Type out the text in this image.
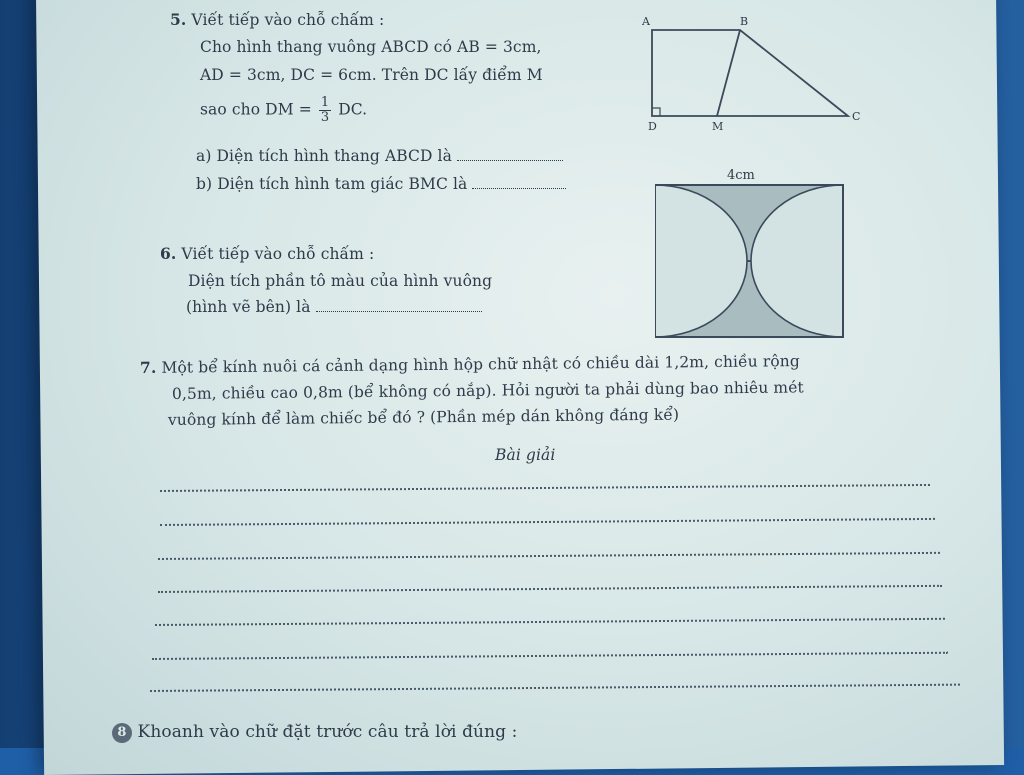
5. Viết tiếp vào chỗ chấm :
Cho hình thang vuông ABCD có AB = 3cm,
AD = 3cm, DC = 6cm. Trên DC lấy điểm M
sao cho DM = $\frac{1}{3}$ DC.
a) Diện tích hình thang ABCD là
b) Diện tích hình tam giác BMC là
A	B
C
D	M
6. Viết tiếp vào chỗ chấm :
Diện tích phần tô màu của hình vuông
(hình vẽ bên) là
4cm
7. Một bể kính nuôi cá cảnh dạng hình hộp chữ nhật có chiều dài 1,2m, chiều rộng
0,5m, chiều cao 0,8m (bể không có nắp). Hỏi người ta phải dùng bao nhiêu mét
vuông kính để làm chiếc bể đó ? (Phần mép dán không đáng kể)
Bài giải
8 Khoanh vào chữ đặt trước câu trả lời đúng :
